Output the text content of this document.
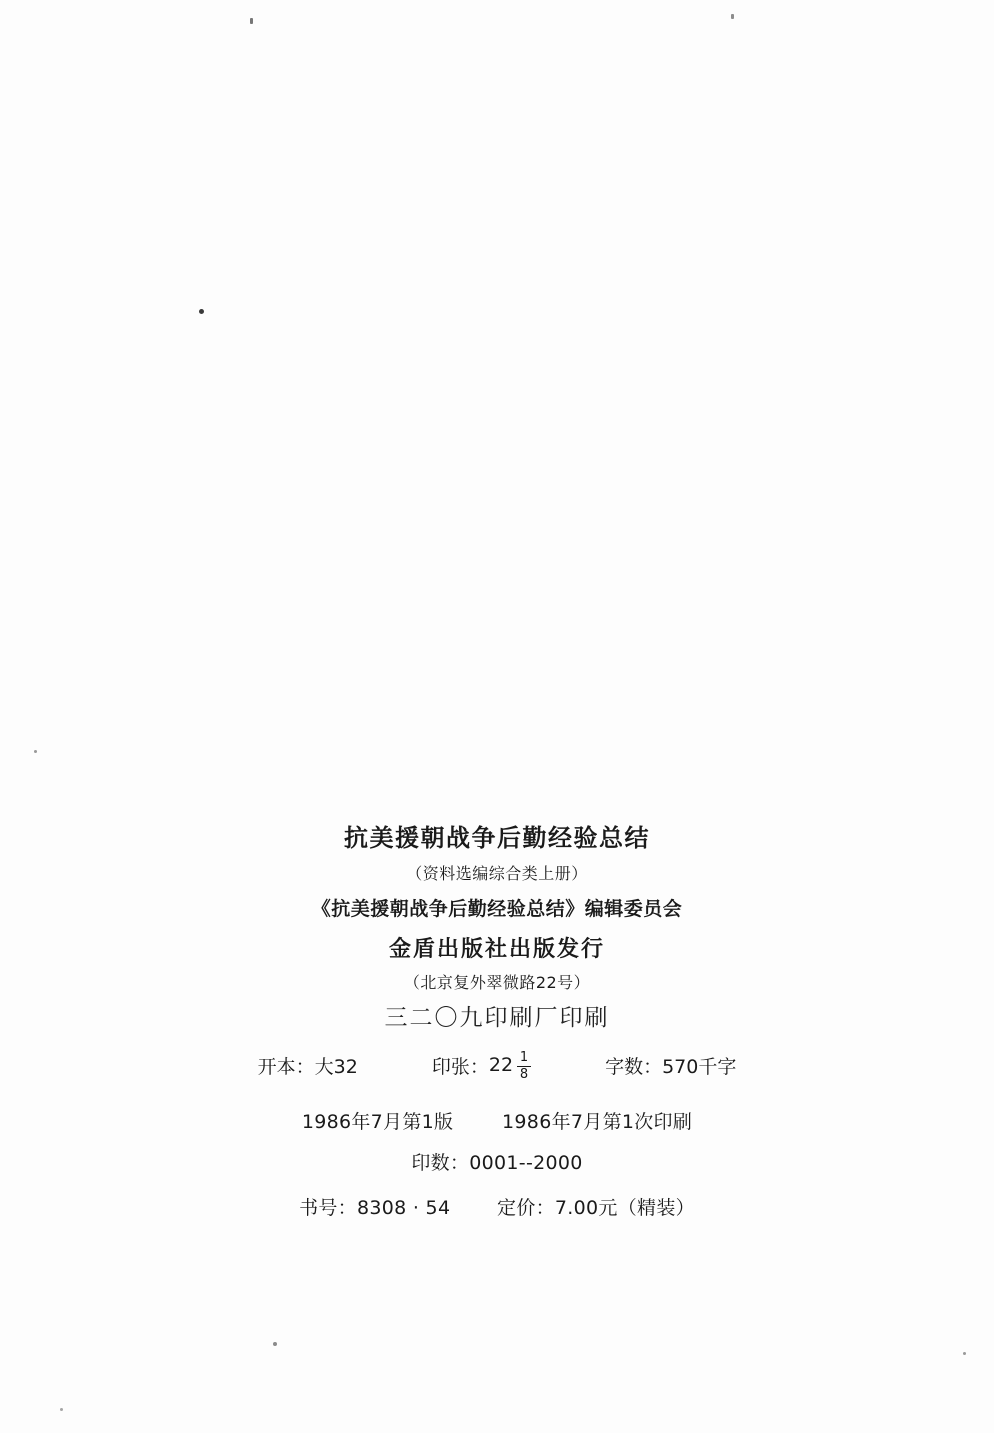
抗美援朝战争后勤经验总结
（资料选编综合类上册）
《抗美援朝战争后勤经验总结》编辑委员会
金盾出版社出版发行
（北京复外翠微路22号）
三二〇九印刷厂印刷
开本： 大32	印张： $22 \frac{1}{8}$	字数： 570千字
1986年7月第1版	1986年7月第1次印刷
印数：0001--2000
书号：8308 · 54 定价：7.00元（精装）
